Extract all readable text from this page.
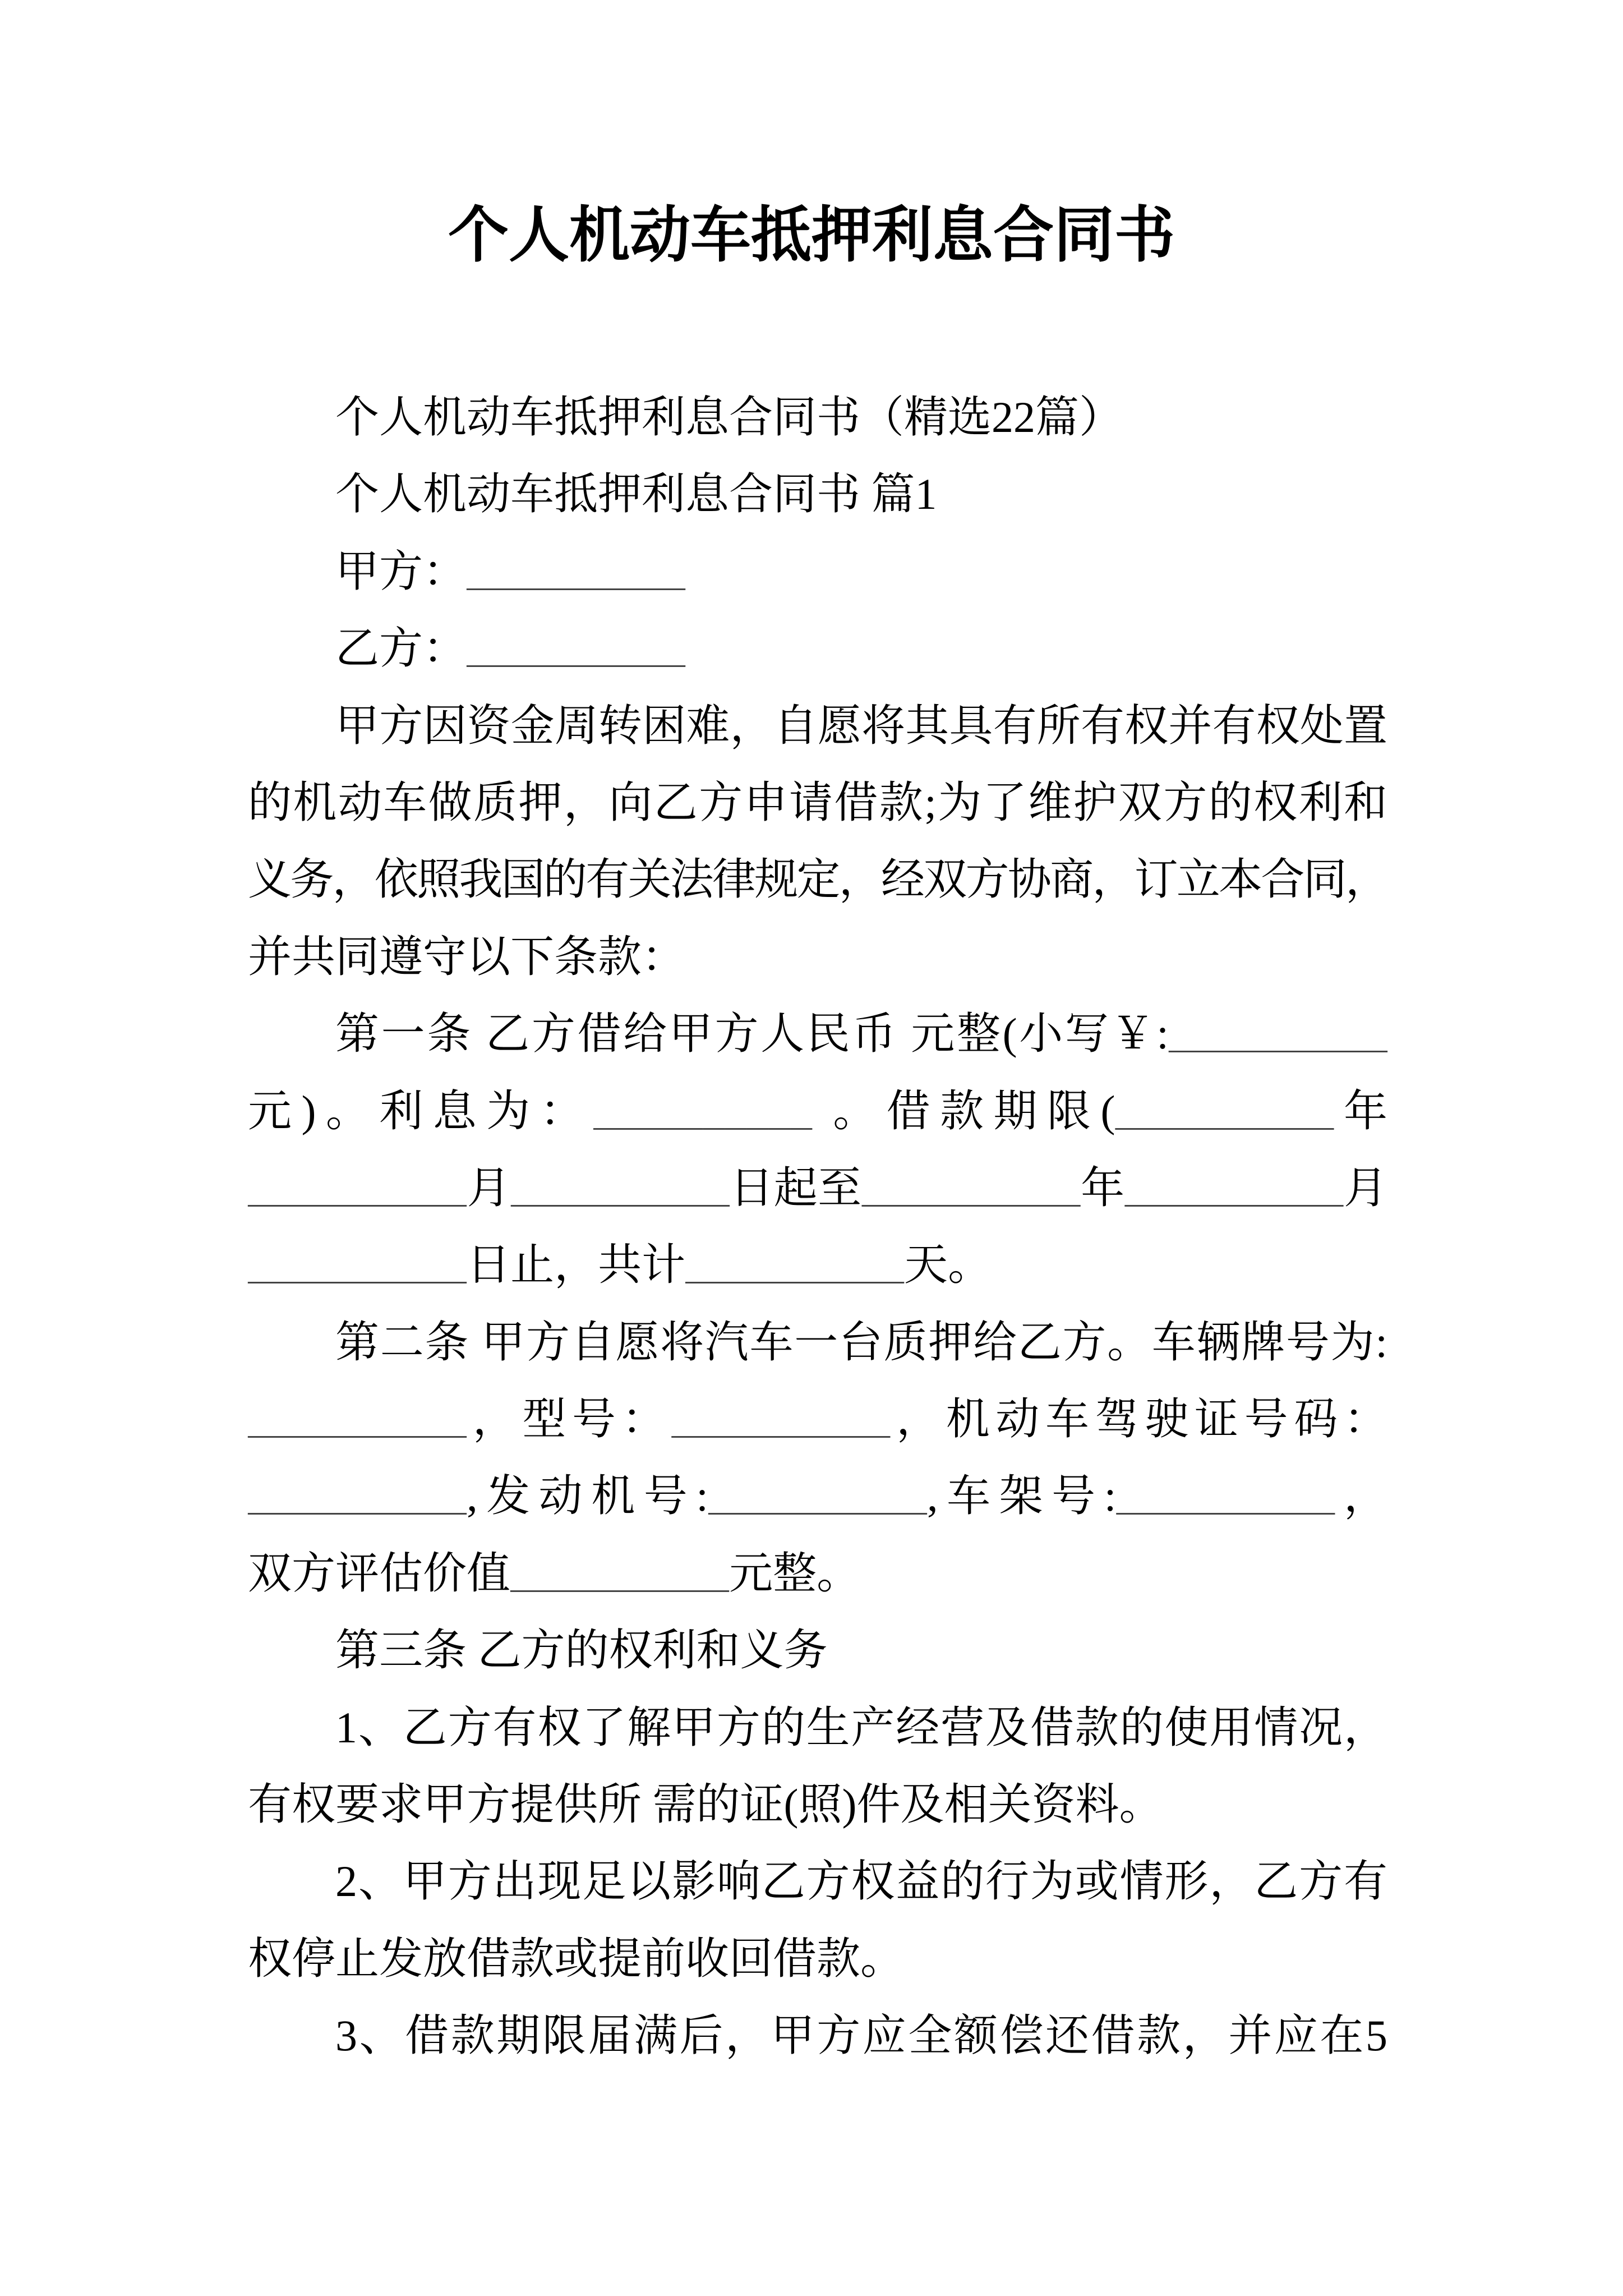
个人机动车抵押利息合同书
个人机动车抵押利息合同书（精选22篇）
个人机动车抵押利息合同书 篇1
甲方：__________
乙方：__________
甲方因资金周转困难，自愿将其具有所有权并有权处置
的机动车做质押，向乙方申请借款;为了维护双方的权利和
义务，依照我国的有关法律规定，经双方协商，订立本合同，
并共同遵守以下条款：
第一条 乙方借给甲方人民币 元整(小写￥:__________
元)。利息为：__________ 。借款期限(__________年
__________月__________日起至__________年__________月
__________日止，共计__________天。
第二条 甲方自愿将汽车一台质押给乙方。车辆牌号为:
__________，型号：__________，机动车驾驶证号码：
__________,发动机号:__________,车架号:__________，
双方评估价值__________元整。
第三条 乙方的权利和义务
1、乙方有权了解甲方的生产经营及借款的使用情况，
有权要求甲方提供所 需的证(照)件及相关资料。
2、甲方出现足以影响乙方权益的行为或情形，乙方有
权停止发放借款或提前收回借款。
3、借款期限届满后，甲方应全额偿还借款，并应在5
